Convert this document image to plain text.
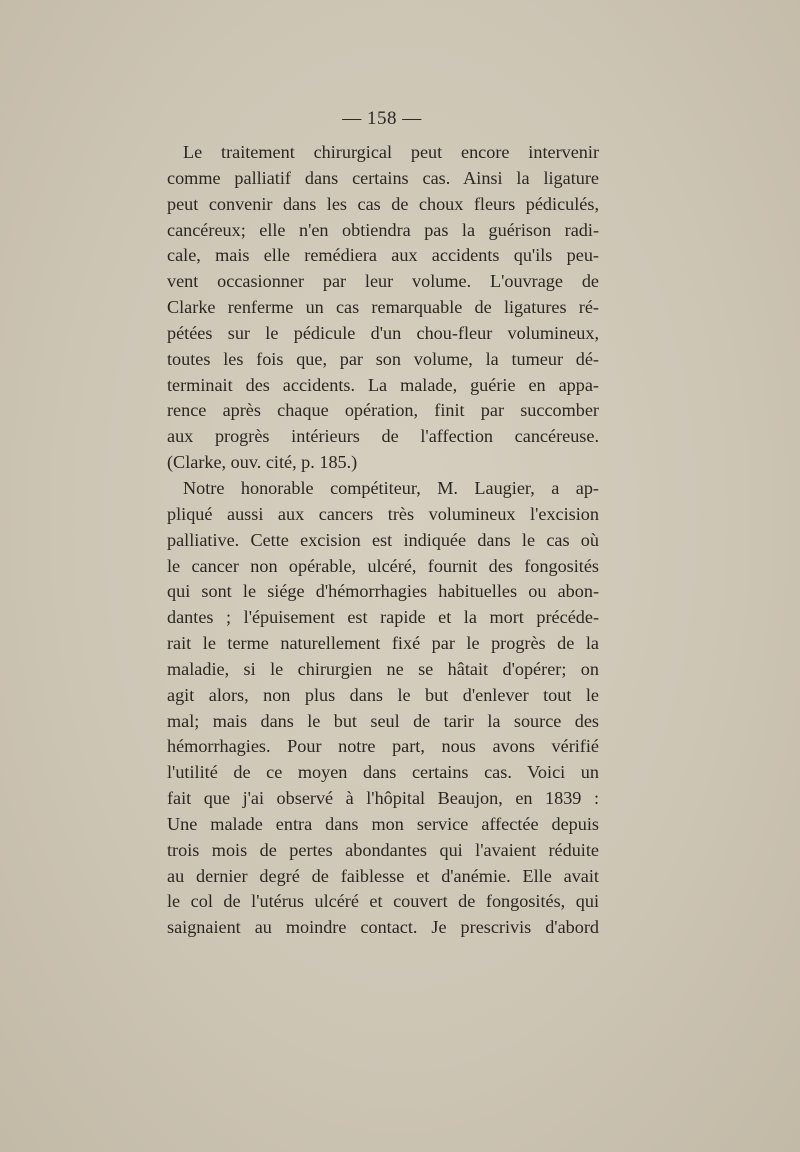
— 158 —
Le traitement chirurgical peut encore intervenir
comme palliatif dans certains cas. Ainsi la ligature
peut convenir dans les cas de choux fleurs pédiculés,
cancéreux; elle n'en obtiendra pas la guérison radi-
cale, mais elle remédiera aux accidents qu'ils peu-
vent occasionner par leur volume. L'ouvrage de
Clarke renferme un cas remarquable de ligatures ré-
pétées sur le pédicule d'un chou-fleur volumineux,
toutes les fois que, par son volume, la tumeur dé-
terminait des accidents. La malade, guérie en appa-
rence après chaque opération, finit par succomber
aux progrès intérieurs de l'affection cancéreuse.
(Clarke, ouv. cité, p. 185.)
Notre honorable compétiteur, M. Laugier, a ap-
pliqué aussi aux cancers très volumineux l'excision
palliative. Cette excision est indiquée dans le cas où
le cancer non opérable, ulcéré, fournit des fongosités
qui sont le siége d'hémorrhagies habituelles ou abon-
dantes ; l'épuisement est rapide et la mort précéde-
rait le terme naturellement fixé par le progrès de la
maladie, si le chirurgien ne se hâtait d'opérer; on
agit alors, non plus dans le but d'enlever tout le
mal; mais dans le but seul de tarir la source des
hémorrhagies. Pour notre part, nous avons vérifié
l'utilité de ce moyen dans certains cas. Voici un
fait que j'ai observé à l'hôpital Beaujon, en 1839 :
Une malade entra dans mon service affectée depuis
trois mois de pertes abondantes qui l'avaient réduite
au dernier degré de faiblesse et d'anémie. Elle avait
le col de l'utérus ulcéré et couvert de fongosités, qui
saignaient au moindre contact. Je prescrivis d'abord
